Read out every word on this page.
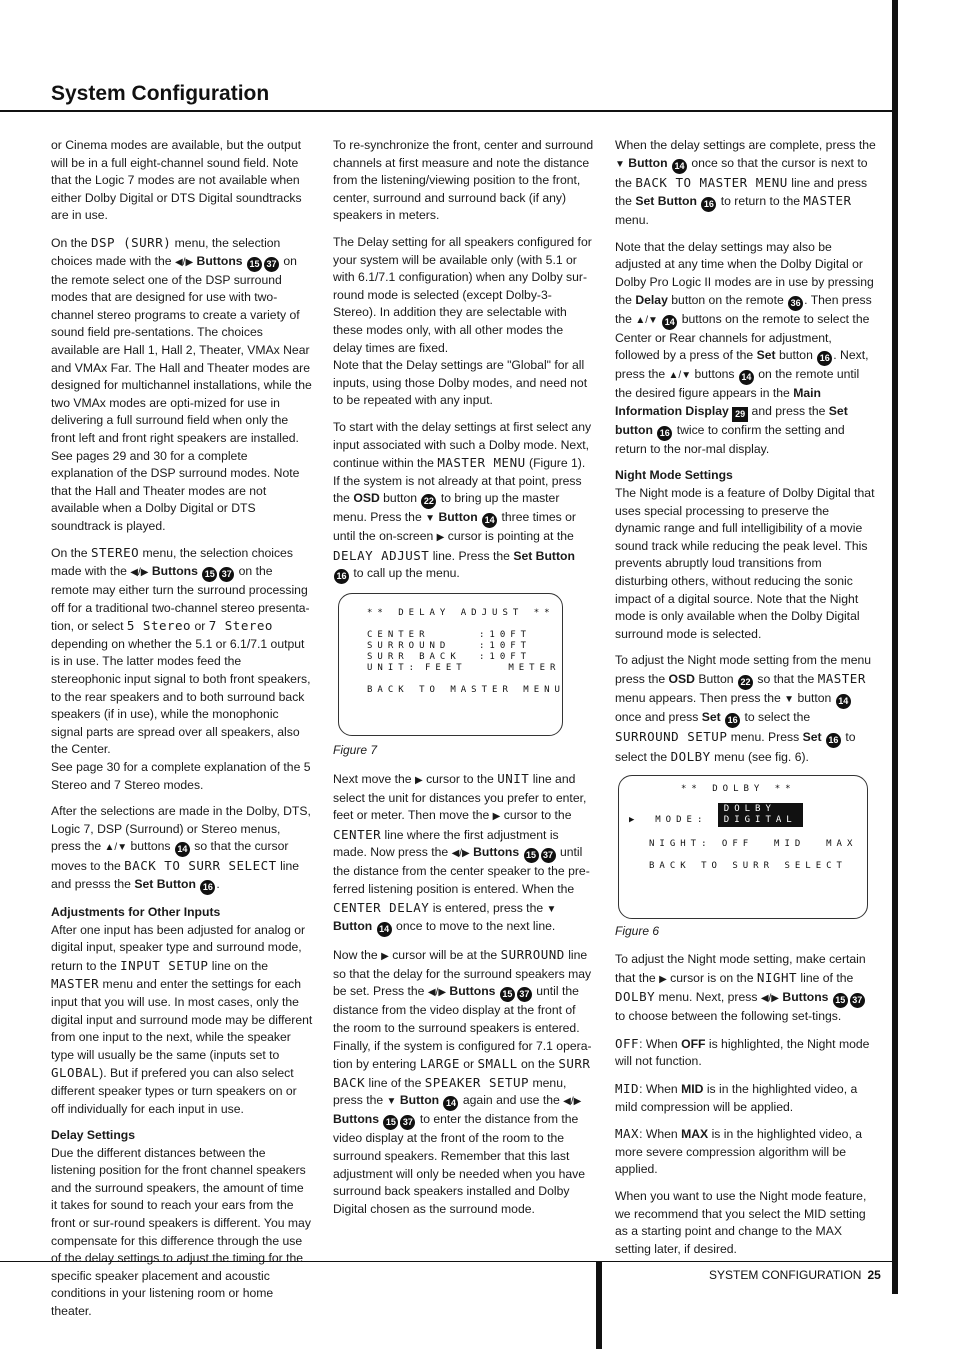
System Configuration

or Cinema modes are available, but the output will be in a full eight-channel sound field. Note that the Logic 7 modes are not available when either Dolby Digital or DTS Digital soundtracks are in use.

On the DSP (SURR) menu, the selection choices made with the ◀/▶ Buttons 15 37 on the remote select one of the DSP surround modes that are designed for use with two-channel stereo programs to create a variety of sound field pre-sentations. The choices available are Hall 1, Hall 2, Theater, VMAx Near and VMAx Far. The Hall and Theater modes are designed for multichannel installations, while the two VMAx modes are opti-mized for use in delivering a full surround field when only the front left and front right speakers are installed. See pages 29 and 30 for a complete explanation of the DSP surround modes. Note that the Hall and Theater modes are not available when a Dolby Digital or DTS soundtrack is played.

On the STEREO menu, the selection choices made with the ◀/▶ Buttons 15 37 on the remote may either turn the surround processing off for a traditional two-channel stereo presenta-tion, or select 5 Stereo or 7 Stereo depending on whether the 5.1 or 6.1/7.1 output is in use. The latter modes feed the stereophonic input signal to both front speakers, to the rear speakers and to both surround back speakers (if in use), while the monophonic signal parts are spread over all speakers, also the Center.
See page 30 for a complete explanation of the 5 Stereo and 7 Stereo modes.

After the selections are made in the Dolby, DTS, Logic 7, DSP (Surround) or Stereo menus, press the ▲/▼ buttons 14 so that the cursor moves to the BACK TO SURR SELECT line and presss the Set Button 16 .

Adjustments for Other Inputs

After one input has been adjusted for analog or digital input, speaker type and surround mode, return to the INPUT SETUP line on the MASTER menu and enter the settings for each input that you will use. In most cases, only the digital input and surround mode may be different from one input to the next, while the speaker type will usually be the same (inputs set to GLOBAL). But if prefered you can also select different speaker types or turn speakers on or off individually for each input in use.

Delay Settings

Due the different distances between the listening position for the front channel speakers and the surround speakers, the amount of time it takes for sound to reach your ears from the front or sur-round speakers is different. You may compensate for this difference through the use of the delay settings to adjust the timing for the specific speaker placement and acoustic conditions in your listening room or home theater.

To re-synchronize the front, center and surround channels at first measure and note the distance from the listening/viewing position to the front, center, surround and surround back (if any) speakers in meters.

The Delay setting for all speakers configured for your system will be available only (with 5.1 or with 6.1/7.1 configuration) when any Dolby sur-round mode is selected (except Dolby-3-Stereo). In addition they are selectable with these modes only, with all other modes the delay times are fixed.
Note that the Delay settings are "Global" for all inputs, using those Dolby modes, and need not to be repeated with any input.

To start with the delay settings at first select any input associated with such a Dolby mode. Next, continue within the MASTER MENU (Figure 1). If the system is not already at that point, press the OSD button 22 to bring up the master menu. Press the ▼ Button 14 three times or until the on-screen ▶ cursor is pointing at the DELAY ADJUST line. Press the Set Button 16 to call up the menu.

** DELAY ADJUST **
CENTER	:10FT
SURROUND	:10FT
SURR BACK :10FT
UNIT: FEET    METER
BACK TO MASTER MENU
Figure 7

Next move the ▶ cursor to the UNIT line and select the unit for distances you prefer to enter, feet or meter. Then move the ▶ cursor to the CENTER line where the first adjustment is made. Now press the ◀/▶ Buttons 15 37 until the distance from the center speaker to the pre-ferred listening position is entered. When the CENTER DELAY is entered, press the ▼ Button 14 once to move to the next line.

Now the ▶ cursor will be at the SURROUND line so that the delay for the surround speakers may be set. Press the ◀/▶ Buttons 15 37 until the distance from the video display at the front of the room to the surround speakers is entered. Finally, if the system is configured for 7.1 opera-tion by entering LARGE or SMALL on the SURR BACK line of the SPEAKER SETUP menu, press the ▼ Button 14 again and use the ◀/▶ Buttons 15 37 to enter the distance from the video display at the front of the room to the surround speakers. Remember that this last adjustment will only be needed when you have surround back speakers installed and Dolby Digital chosen as the surround mode.

When the delay settings are complete, press the ▼ Button 14 once so that the cursor is next to the BACK TO MASTER MENU line and press the Set Button 16 to return to the MASTER menu.

Note that the delay settings may also be adjusted at any time when the Dolby Digital or Dolby Pro Logic II modes are in use by pressing the Delay button on the remote 36 . Then press the ▲/▼ 14 buttons on the remote to select the Center or Rear channels for adjustment, followed by a press of the Set button 16 . Next, press the ▲/▼ buttons 14 on the remote until the desired figure appears in the Main Information Display 29 and press the Set button 16 twice to confirm the setting and return to the nor-mal display.

Night Mode Settings

The Night mode is a feature of Dolby Digital that uses special processing to preserve the dynamic range and full intelligibility of a movie sound track while reducing the peak level. This prevents abruptly loud transitions from disturbing others, without reducing the sonic impact of a digital source. Note that the Night mode is only available when the Dolby Digital surround mode is selected.

To adjust the Night mode setting from the menu press the OSD Button 22 so that the MASTER menu appears. Then press the ▼ button 14 once and press Set 16 to select the SURROUND SETUP menu. Press Set 16 to select the DOLBY menu (see fig. 6).

** DOLBY **
▶ MODE: DOLBY
DIGITAL
NIGHT: OFF  MID  MAX
BACK TO SURR SELECT
Figure 6

To adjust the Night mode setting, make certain that the ▶ cursor is on the NIGHT line of the DOLBY menu. Next, press ◀/▶ Buttons 15 37 to choose between the following set-tings.

OFF: When OFF is highlighted, the Night mode will not function.

MID: When MID is in the highlighted video, a mild compression will be applied.

MAX: When MAX is in the highlighted video, a more severe compression algorithm will be applied.

When you want to use the Night mode feature, we recommend that you select the MID setting as a starting point and change to the MAX setting later, if desired.

SYSTEM CONFIGURATION 25
